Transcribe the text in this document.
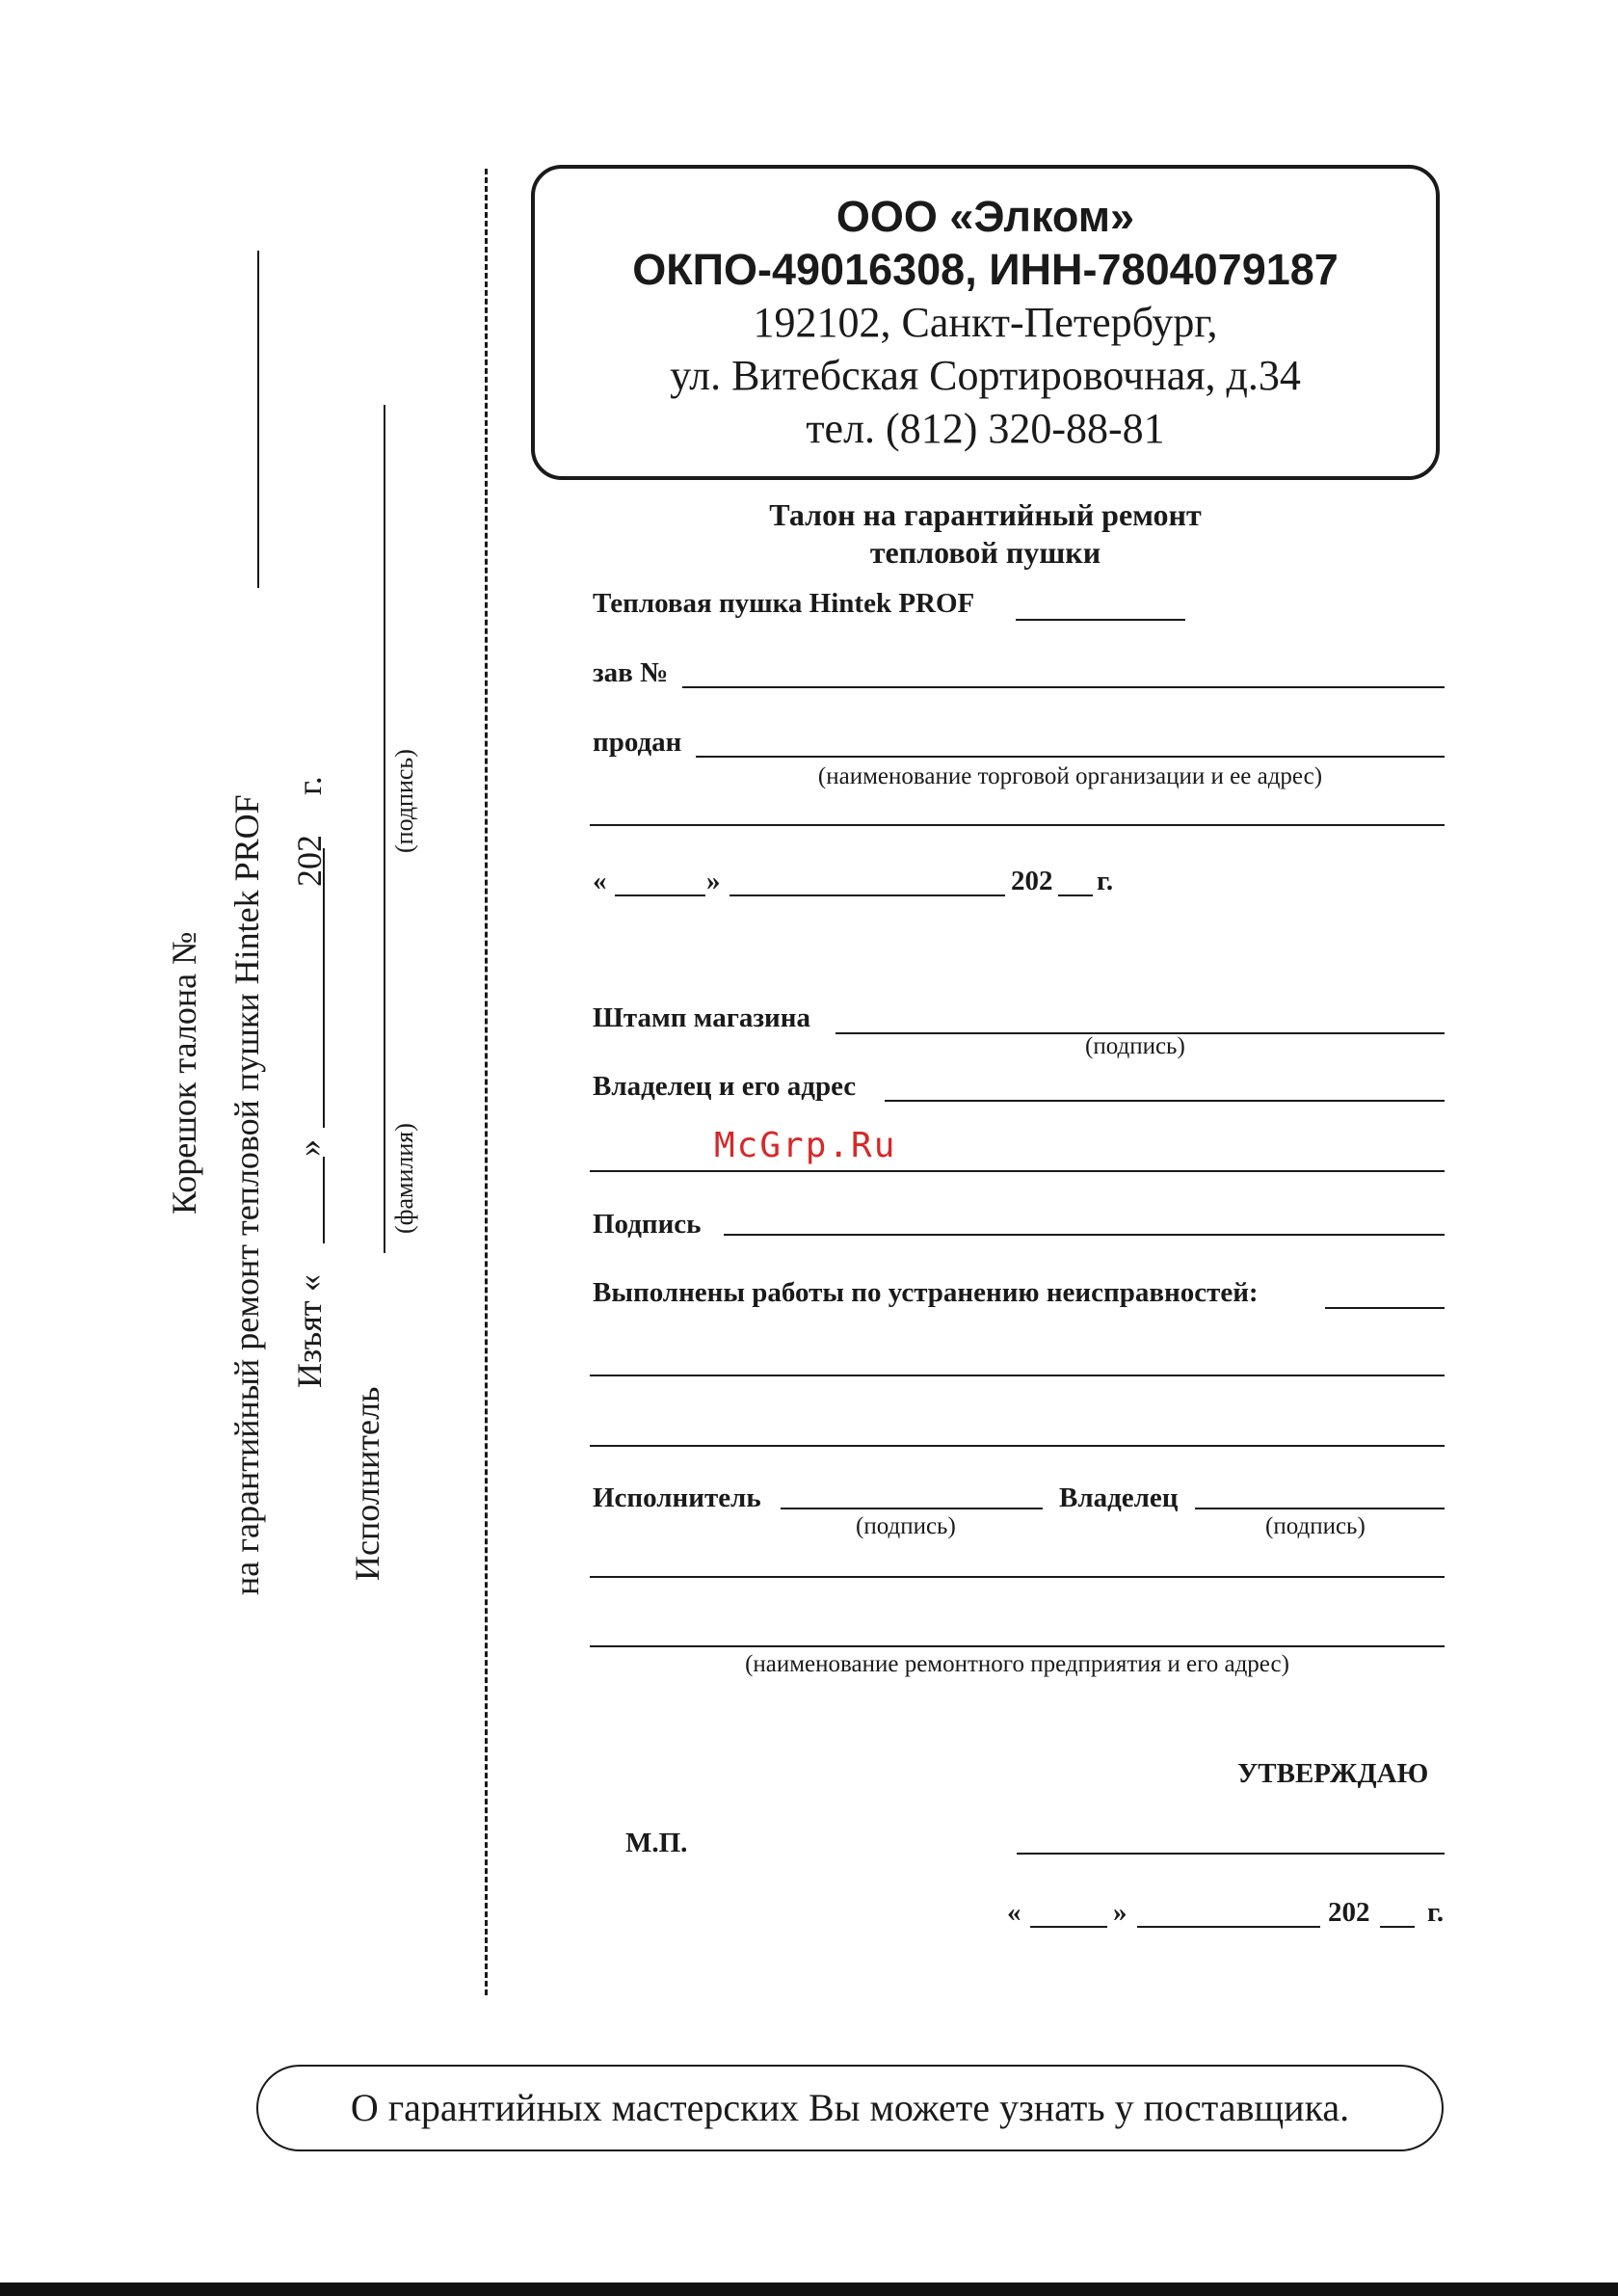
ООО «Элком»
ОКПО-49016308, ИНН-7804079187
192102, Санкт-Петербург,
ул. Витебская Сортировочная, д.34
тел. (812) 320-88-81
Талон на гарантийный ремонт
тепловой пушки
Тепловая пушка Hintek PROF
зав №
продан
(наименование торговой организации и ее адрес)
«	»	202 г.
Штамп магазина
(подпись)
Владелец и его адрес
Подпись
Выполнены работы по устранению неисправностей:
Исполнитель
(подпись)
Владелец
(подпись)
(наименование ремонтного предприятия и его адрес)
УТВЕРЖДАЮ
М.П.
«	»	202 г.
Корешок талона № на гарантийный ремонт тепловой пушки Hintek PROF Изъят
«
»
202
г.
Исполнитель
(фамилия)
(подпись)
McGrp.Ru
О гарантийных мастерских Вы можете узнать у поставщика.
